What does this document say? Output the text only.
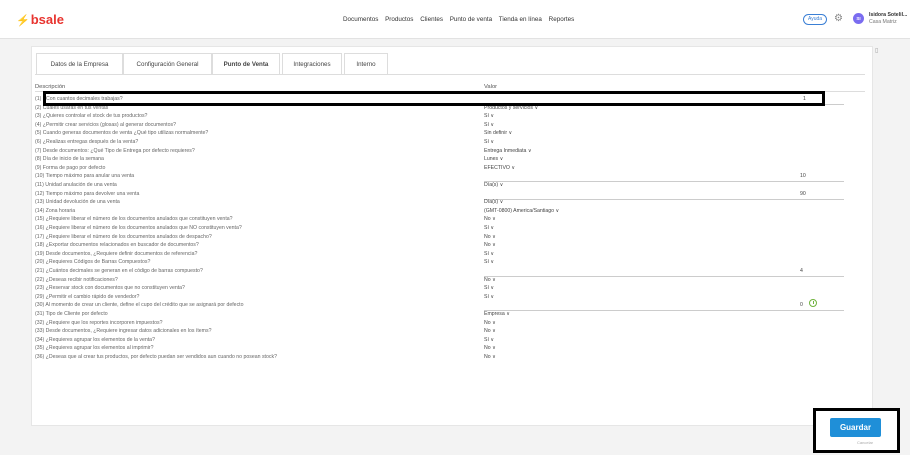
⚡bsale	Documentos Productos Clientes Punto de venta Tienda en línea Reportes	Ayuda	⚙	SI
Isidora Sotelil...
Casa Matriz
▯
Datos de la Empresa	Configuración General	Punto de Venta	Integraciones	Interno
Descripción	Valor
(1) ¿Con cuantos decimales trabajas?	1
(2) Cuáles usarás en tus ventas	Productos y servicios ∨
(3) ¿Quieres controlar el stock de tus productos?	Sí ∨
(4) ¿Permitir crear servicios (glosas) al generar documentos?	Sí ∨
(5) Cuando generas documentos de venta ¿Qué tipo utilizas normalmente?	Sin definir ∨
(6) ¿Realizas entregas después de la venta?	Sí ∨
(7) Desde documentos: ¿Qué Tipo de Entrega por defecto requieres?	Entrega Inmediata ∨
(8) Día de inicio de la semana	Lunes ∨
(9) Forma de pago por defecto	EFECTIVO ∨
(10) Tiempo máximo para anular una venta	10
(11) Unidad anulación de una venta	Día(s) ∨
(12) Tiempo máximo para devolver una venta	90
(13) Unidad devolución de una venta	Día(s) ∨
(14) Zona horaria	(GMT-0800) America/Santiago ∨
(15) ¿Requiere liberar el número de los documentos anulados que constituyen venta?	No ∨
(16) ¿Requiere liberar el número de los documentos anulados que NO constituyen venta?	Sí ∨
(17) ¿Requiere liberar el número de los documentos anulados de despacho?	No ∨
(18) ¿Exportar documentos relacionados en buscador de documentos?	No ∨
(19) Desde documentos, ¿Requiere definir documentos de referencia?	Sí ∨
(20) ¿Requieres Códigos de Barras Compuestos?	Sí ∨
(21) ¿Cuántos decimales se generan en el código de barras compuesto?	4
(22) ¿Deseas recibir notificaciones?	No ∨
(23) ¿Reservar stock con documentos que no constituyen venta?	Sí ∨
(29) ¿Permitir el cambio rápido de vendedor?	Sí ∨
(30) Al momento de crear un cliente, define el cupo del crédito que se asignará por defecto	0
(31) Tipo de Cliente por defecto	Empresa ∨
(32) ¿Requiere que los reportes incorporen impuestos?	No ∨
(33) Desde documentos, ¿Requiere ingresar datos adicionales en los ítems?	No ∨
(34) ¿Requieres agrupar los elementos de la venta?	Sí ∨
(35) ¿Requieres agrupar los elementos al imprimir?	No ∨
(36) ¿Deseas que al crear tus productos, por defecto puedan ser vendidos aun cuando no posean stock?	No ∨
Guardar
Cancelar
